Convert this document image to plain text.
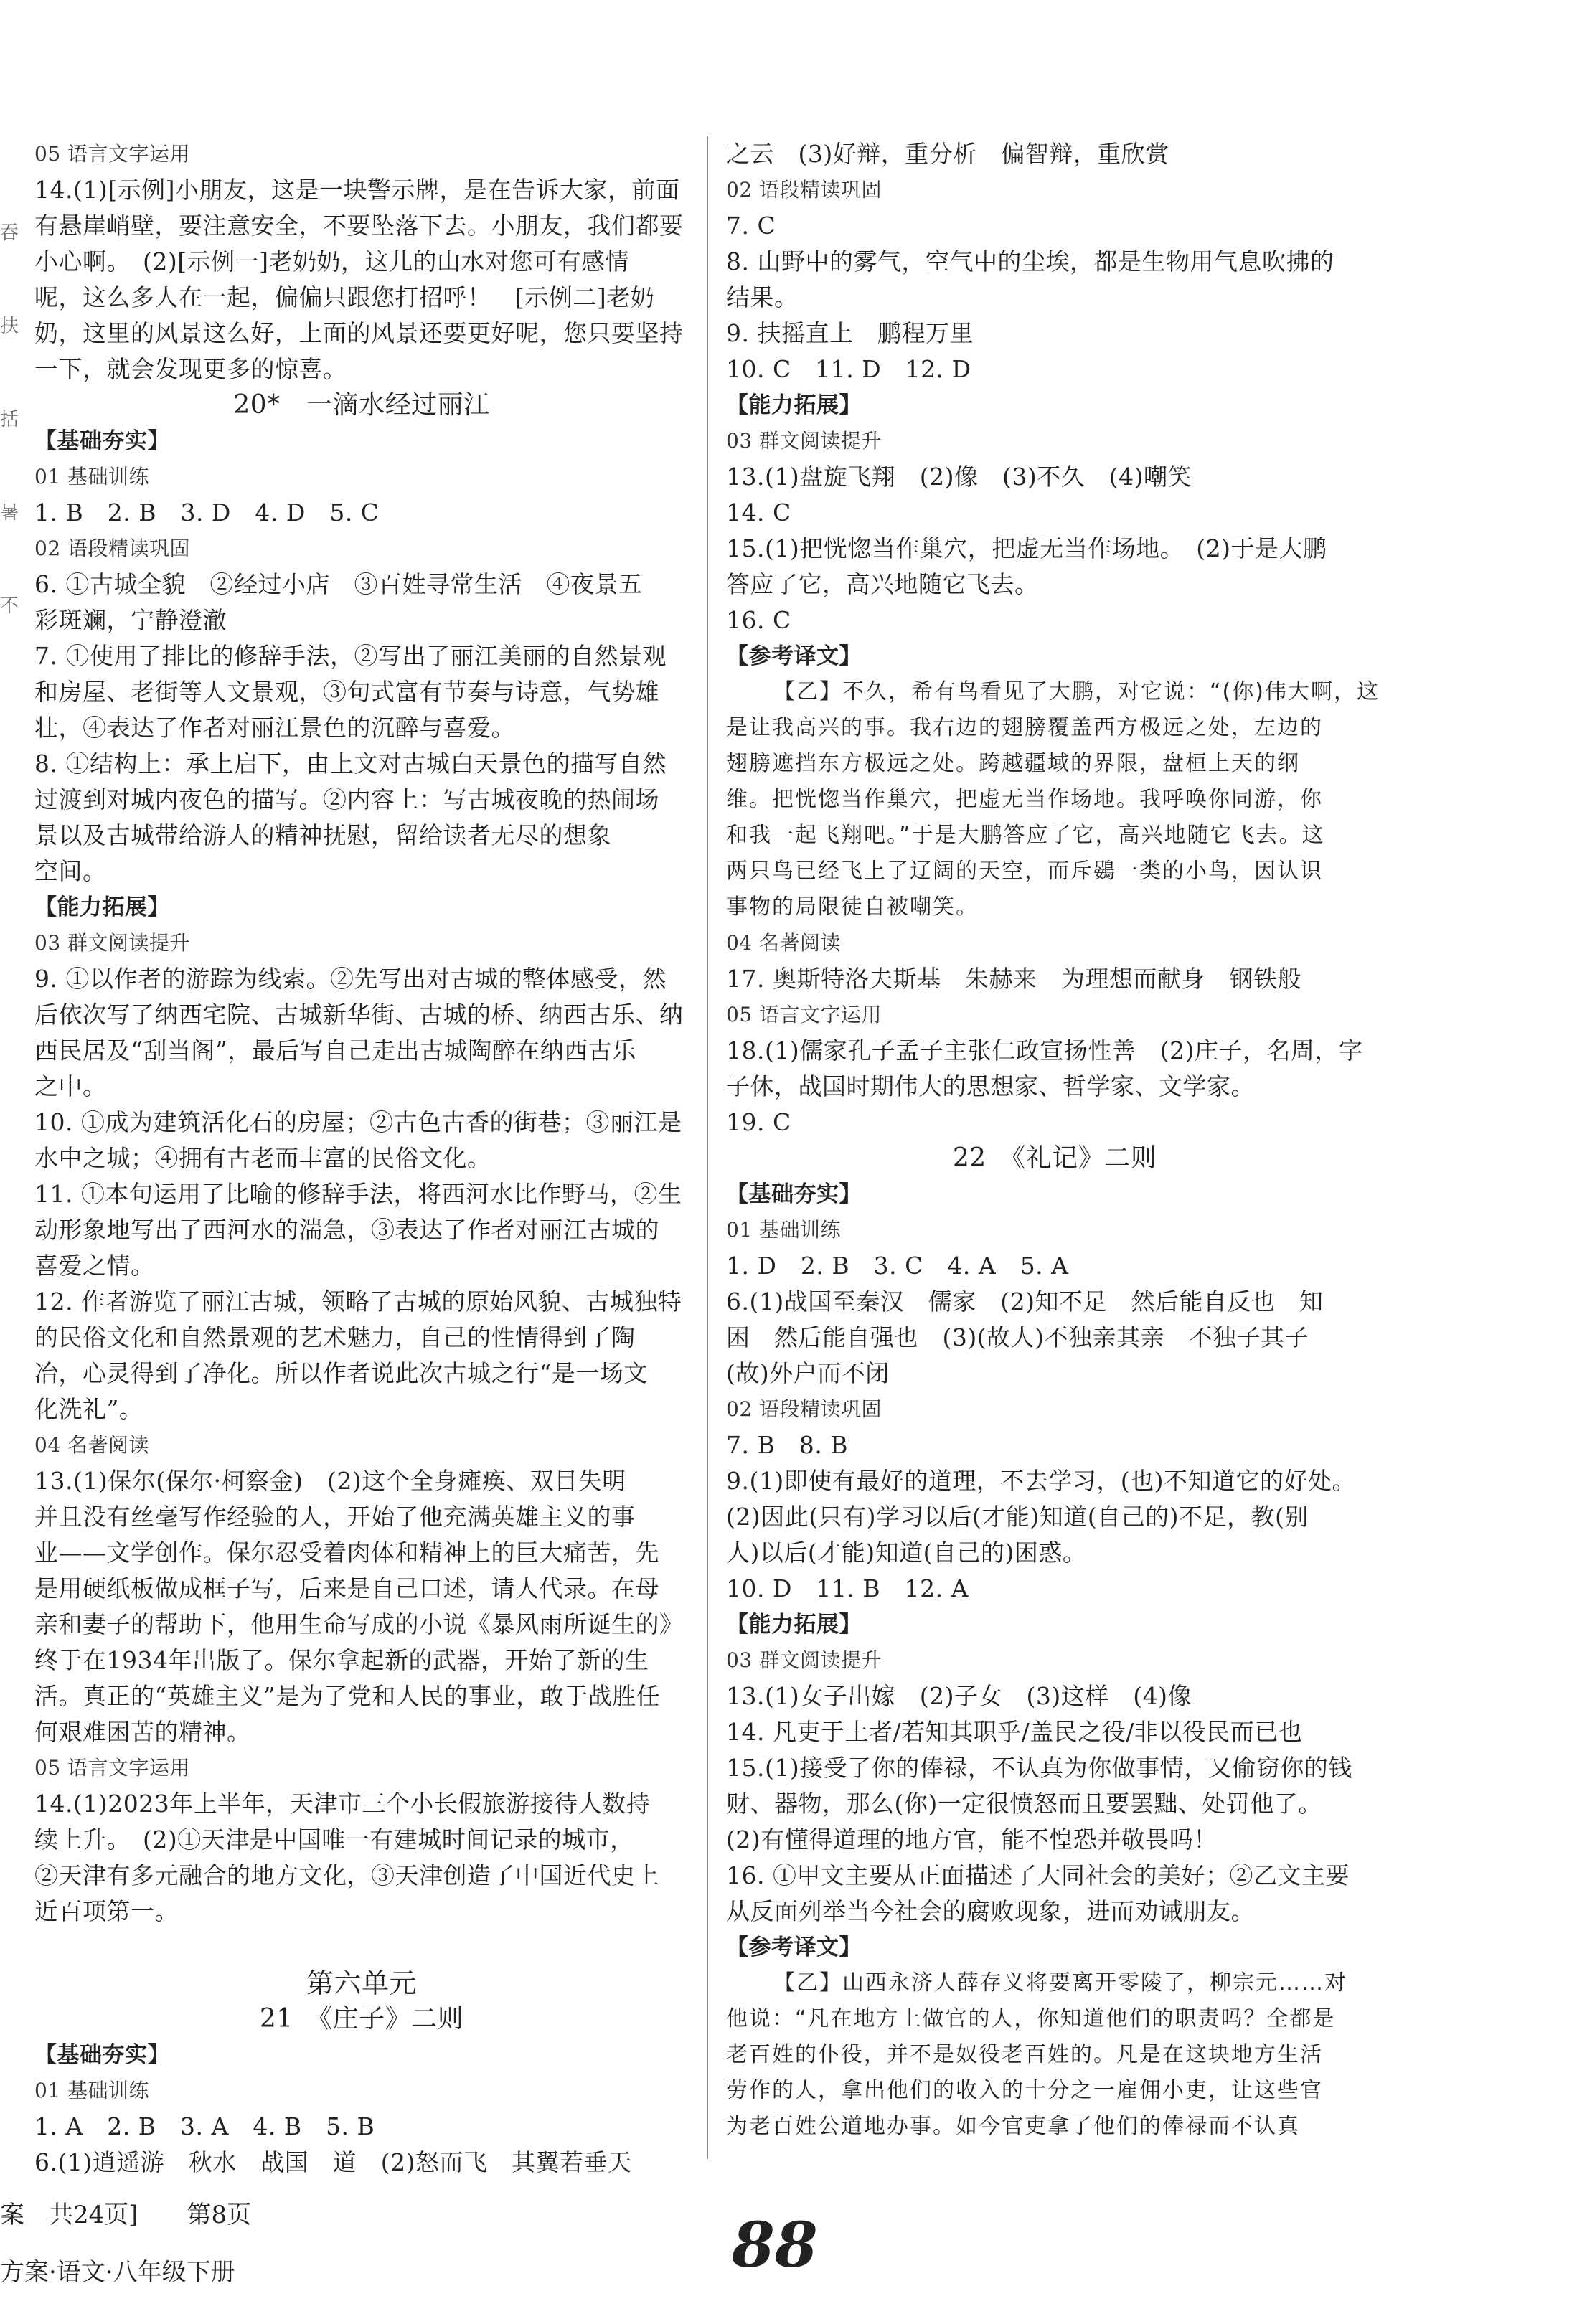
吞
扶
括
暑
不
05 语言文字运用
14.(1)[示例]小朋友，这是一块警示牌，是在告诉大家，前面
有悬崖峭壁，要注意安全，不要坠落下去。小朋友，我们都要
小心啊。　(2)[示例一]老奶奶，这儿的山水对您可有感情
呢，这么多人在一起，偏偏只跟您打招呼！　[示例二]老奶
奶，这里的风景这么好，上面的风景还要更好呢，您只要坚持
一下，就会发现更多的惊喜。
20*　一滴水经过丽江
【基础夯实】
01 基础训练
1. B　2. B　3. D　4. D　5. C
02 语段精读巩固
6. ①古城全貌　②经过小店　③百姓寻常生活　④夜景五
彩斑斓，宁静澄澈
7. ①使用了排比的修辞手法，②写出了丽江美丽的自然景观
和房屋、老街等人文景观，③句式富有节奏与诗意，气势雄
壮，④表达了作者对丽江景色的沉醉与喜爱。
8. ①结构上：承上启下，由上文对古城白天景色的描写自然
过渡到对城内夜色的描写。②内容上：写古城夜晚的热闹场
景以及古城带给游人的精神抚慰，留给读者无尽的想象
空间。
【能力拓展】
03 群文阅读提升
9. ①以作者的游踪为线索。②先写出对古城的整体感受，然
后依次写了纳西宅院、古城新华街、古城的桥、纳西古乐、纳
西民居及“刮当阁”，最后写自己走出古城陶醉在纳西古乐
之中。
10. ①成为建筑活化石的房屋；②古色古香的街巷；③丽江是
水中之城；④拥有古老而丰富的民俗文化。
11. ①本句运用了比喻的修辞手法，将西河水比作野马，②生
动形象地写出了西河水的湍急，③表达了作者对丽江古城的
喜爱之情。
12. 作者游览了丽江古城，领略了古城的原始风貌、古城独特
的民俗文化和自然景观的艺术魅力，自己的性情得到了陶
冶，心灵得到了净化。所以作者说此次古城之行“是一场文
化洗礼”。
04 名著阅读
13.(1)保尔(保尔·柯察金)　(2)这个全身瘫痪、双目失明
并且没有丝毫写作经验的人，开始了他充满英雄主义的事
业——文学创作。保尔忍受着肉体和精神上的巨大痛苦，先
是用硬纸板做成框子写，后来是自己口述，请人代录。在母
亲和妻子的帮助下，他用生命写成的小说《暴风雨所诞生的》
终于在1934年出版了。保尔拿起新的武器，开始了新的生
活。真正的“英雄主义”是为了党和人民的事业，敢于战胜任
何艰难困苦的精神。
05 语言文字运用
14.(1)2023年上半年，天津市三个小长假旅游接待人数持
续上升。　(2)①天津是中国唯一有建城时间记录的城市，
②天津有多元融合的地方文化，③天津创造了中国近代史上
近百项第一。
第六单元
21　《庄子》二则
【基础夯实】
01 基础训练
1. A　2. B　3. A　4. B　5. B
6.(1)逍遥游　秋水　战国　道　(2)怒而飞　其翼若垂天
之云　(3)好辩，重分析　偏智辩，重欣赏
02 语段精读巩固
7. C
8. 山野中的雾气，空气中的尘埃，都是生物用气息吹拂的
结果。
9. 扶摇直上　鹏程万里
10. C　11. D　12. D
【能力拓展】
03 群文阅读提升
13.(1)盘旋飞翔　(2)像　(3)不久　(4)嘲笑
14. C
15.(1)把恍惚当作巢穴，把虚无当作场地。　(2)于是大鹏
答应了它，高兴地随它飞去。
16. C
【参考译文】
【乙】不久，希有鸟看见了大鹏，对它说：“(你)伟大啊，这
是让我高兴的事。我右边的翅膀覆盖西方极远之处，左边的
翅膀遮挡东方极远之处。跨越疆域的界限，盘桓上天的纲
维。把恍惚当作巢穴，把虚无当作场地。我呼唤你同游，你
和我一起飞翔吧。”于是大鹏答应了它，高兴地随它飞去。这
两只鸟已经飞上了辽阔的天空，而斥鷃一类的小鸟，因认识
事物的局限徒自被嘲笑。
04 名著阅读
17. 奥斯特洛夫斯基　朱赫来　为理想而献身　钢铁般
05 语言文字运用
18.(1)儒家孔子孟子主张仁政宣扬性善　(2)庄子，名周，字
子休，战国时期伟大的思想家、哲学家、文学家。
19. C
22　《礼记》二则
【基础夯实】
01 基础训练
1. D　2. B　3. C　4. A　5. A
6.(1)战国至秦汉　儒家　(2)知不足　然后能自反也　知
困　然后能自强也　(3)(故人)不独亲其亲　不独子其子
(故)外户而不闭
02 语段精读巩固
7. B　8. B
9.(1)即使有最好的道理，不去学习，(也)不知道它的好处。
(2)因此(只有)学习以后(才能)知道(自己的)不足，教(别
人)以后(才能)知道(自己的)困惑。
10. D　11. B　12. A
【能力拓展】
03 群文阅读提升
13.(1)女子出嫁　(2)子女　(3)这样　(4)像
14. 凡吏于土者/若知其职乎/盖民之役/非以役民而已也
15.(1)接受了你的俸禄，不认真为你做事情，又偷窃你的钱
财、器物，那么(你)一定很愤怒而且要罢黜、处罚他了。
(2)有懂得道理的地方官，能不惶恐并敬畏吗！
16. ①甲文主要从正面描述了大同社会的美好；②乙文主要
从反面列举当今社会的腐败现象，进而劝诫朋友。
【参考译文】
【乙】山西永济人薛存义将要离开零陵了，柳宗元……对
他说：“凡在地方上做官的人，你知道他们的职责吗？全都是
老百姓的仆役，并不是奴役老百姓的。凡是在这块地方生活
劳作的人，拿出他们的收入的十分之一雇佣小吏，让这些官
为老百姓公道地办事。如今官吏拿了他们的俸禄而不认真
案　共24页]　　第8页
方案·语文·八年级下册	88
